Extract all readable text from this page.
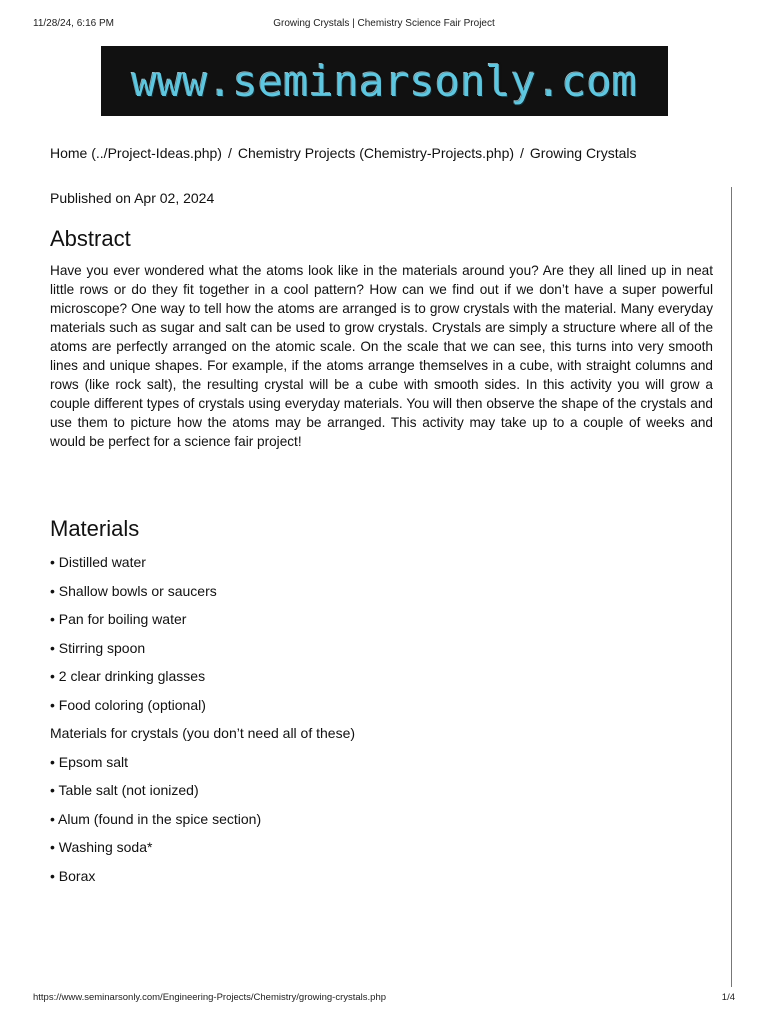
11/28/24, 6:16 PM	Growing Crystals | Chemistry Science Fair Project
www.seminarsonly.com
Home (../Project-Ideas.php) / Chemistry Projects (Chemistry-Projects.php) / Growing Crystals
Published on Apr 02, 2024
Abstract

Have you ever wondered what the atoms look like in the materials around you? Are they all lined up in neat little rows or do they fit together in a cool pattern? How can we find out if we don’t have a super powerful microscope? One way to tell how the atoms are arranged is to grow crystals with the material. Many everyday materials such as sugar and salt can be used to grow crystals. Crystals are simply a structure where all of the atoms are perfectly arranged on the atomic scale. On the scale that we can see, this turns into very smooth lines and unique shapes. For example, if the atoms arrange themselves in a cube, with straight columns and rows (like rock salt), the resulting crystal will be a cube with smooth sides. In this activity you will grow a couple different types of crystals using everyday materials. You will then observe the shape of the crystals and use them to picture how the atoms may be arranged. This activity may take up to a couple of weeks and would be perfect for a science fair project!

Materials
• Distilled water
• Shallow bowls or saucers
• Pan for boiling water
• Stirring spoon
• 2 clear drinking glasses
• Food coloring (optional)
Materials for crystals (you don’t need all of these)
• Epsom salt
• Table salt (not ionized)
• Alum (found in the spice section)
• Washing soda*
• Borax
https://www.seminarsonly.com/Engineering-Projects/Chemistry/growing-crystals.php	1/4
